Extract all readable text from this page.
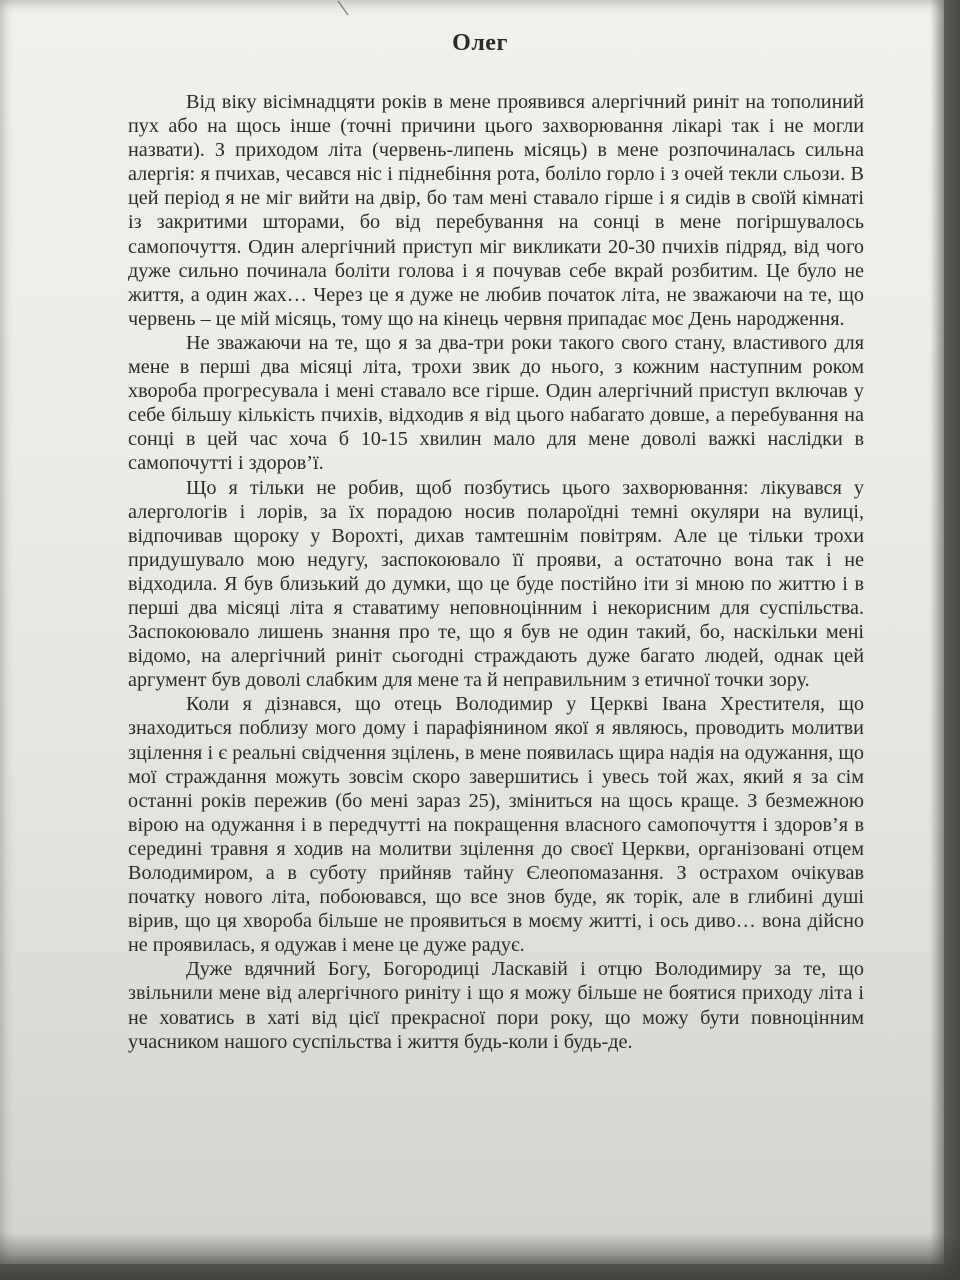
Олег

Від віку вісімнадцяти років в мене проявився алергічний риніт на тополиний пух або на щось інше (точні причини цього захворювання лікарі так і не могли назвати). З приходом літа (червень-липень місяць) в мене розпочиналась сильна алергія: я пчихав, чесався ніс і піднебіння рота, боліло горло і з очей текли сльози. В цей період я не міг вийти на двір, бо там мені ставало гірше і я сидів в своїй кімнаті із закритими шторами, бо від перебування на сонці в мене погіршувалось самопочуття. Один алергічний приступ міг викликати 20-30 пчихів підряд, від чого дуже сильно починала боліти голова і я почував себе вкрай розбитим. Це було не життя, а один жах… Через це я дуже не любив початок літа, не зважаючи на те, що червень – це мій місяць, тому що на кінець червня припадає моє День народження.

Не зважаючи на те, що я за два-три роки такого свого стану, властивого для мене в перші два місяці літа, трохи звик до нього, з кожним наступним роком хвороба прогресувала і мені ставало все гірше. Один алергічний приступ включав у себе більшу кількість пчихів, відходив я від цього набагато довше, а перебування на сонці в цей час хоча б 10-15 хвилин мало для мене доволі важкі наслідки в самопочутті і здоров’ї.

Що я тільки не робив, щоб позбутись цього захворювання: лікувався у алергологів і лорів, за їх порадою носив полароїдні темні окуляри на вулиці, відпочивав щороку у Ворохті, дихав тамтешнім повітрям. Але це тільки трохи придушувало мою недугу, заспокоювало її прояви, а остаточно вона так і не відходила. Я був близький до думки, що це буде постійно іти зі мною по життю і в перші два місяці літа я ставатиму неповноцінним і некорисним для суспільства. Заспокоювало лишень знання про те, що я був не один такий, бо, наскільки мені відомо, на алергічний риніт сьогодні страждають дуже багато людей, однак цей аргумент був доволі слабким для мене та й неправильним з етичної точки зору.

Коли я дізнався, що отець Володимир у Церкві Івана Хрестителя, що знаходиться поблизу мого дому і парафіянином якої я являюсь, проводить молитви зцілення і є реальні свідчення зцілень, в мене появилась щира надія на одужання, що мої страждання можуть зовсім скоро завершитись і увесь той жах, який я за сім останні років пережив (бо мені зараз 25), зміниться на щось краще. З безмежною вірою на одужання і в передчутті на покращення власного самопочуття і здоров’я в середині травня я ходив на молитви зцілення до своєї Церкви, організовані отцем Володимиром, а в суботу прийняв тайну Єлеопомазання. З острахом очікував початку нового літа, побоювався, що все знов буде, як торік, але в глибині душі вірив, що ця хвороба більше не проявиться в моєму житті, і ось диво… вона дійсно не проявилась, я одужав і мене це дуже радує.

Дуже вдячний Богу, Богородиці Ласкавій і отцю Володимиру за те, що звільнили мене від алергічного риніту і що я можу більше не боятися приходу літа і не ховатись в хаті від цієї прекрасної пори року, що можу бути повноцінним учасником нашого суспільства і життя будь-коли і будь-де.
